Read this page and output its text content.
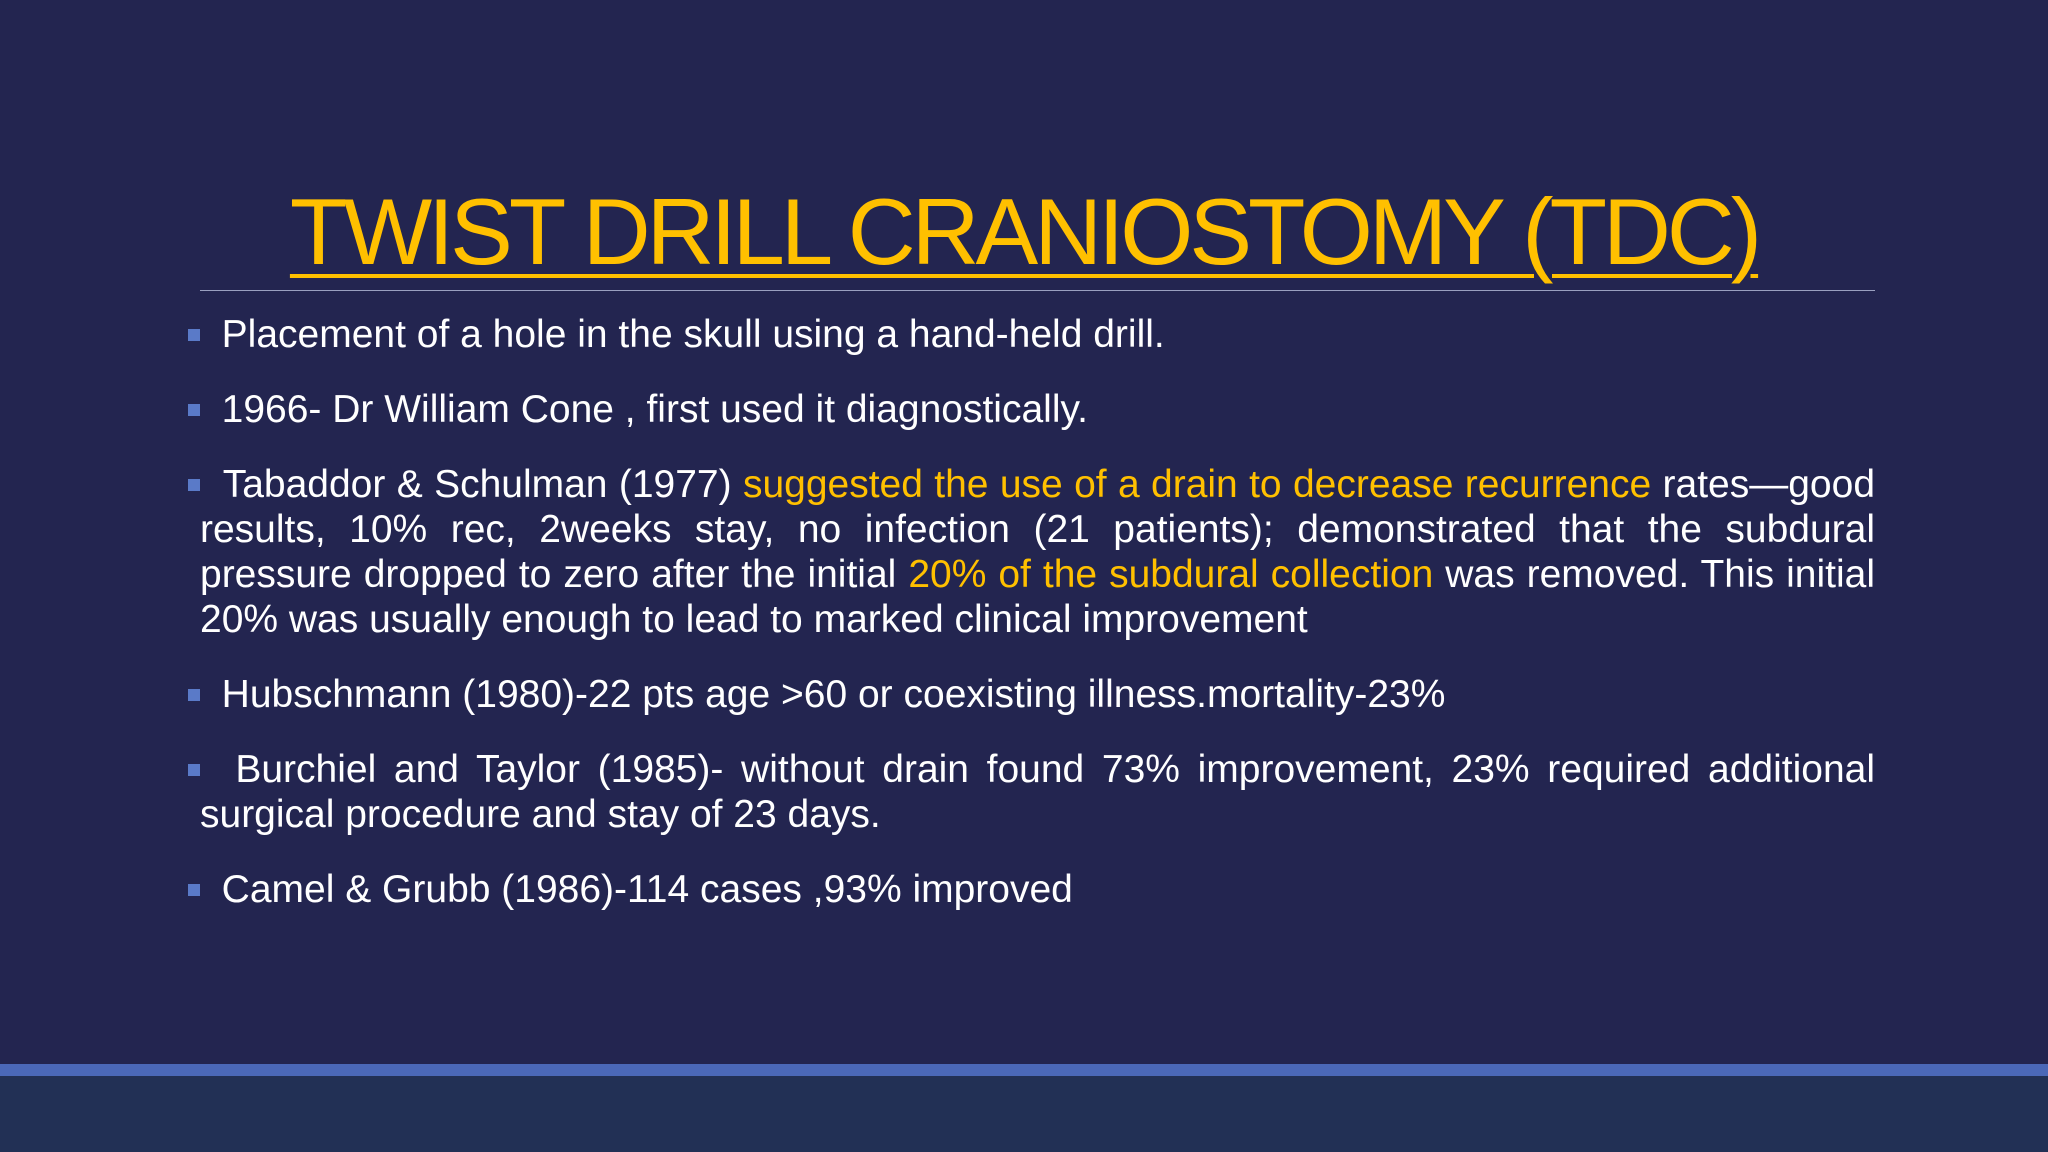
TWIST DRILL CRANIOSTOMY (TDC)
Placement of a hole in the skull using a hand-held drill.
1966- Dr William Cone , first used it diagnostically.
Tabaddor & Schulman (1977) suggested the use of a drain to decrease recurrence rates—good results, 10% rec, 2weeks stay, no infection (21 patients); demonstrated that the subdural pressure dropped to zero after the initial 20% of the subdural collection was removed. This initial 20% was usually enough to lead to marked clinical improvement
Hubschmann (1980)-22 pts age >60 or coexisting illness.mortality-23%
Burchiel and Taylor (1985)- without drain found 73% improvement, 23% required additional surgical procedure and stay of 23 days.
Camel & Grubb (1986)-114 cases ,93% improved
